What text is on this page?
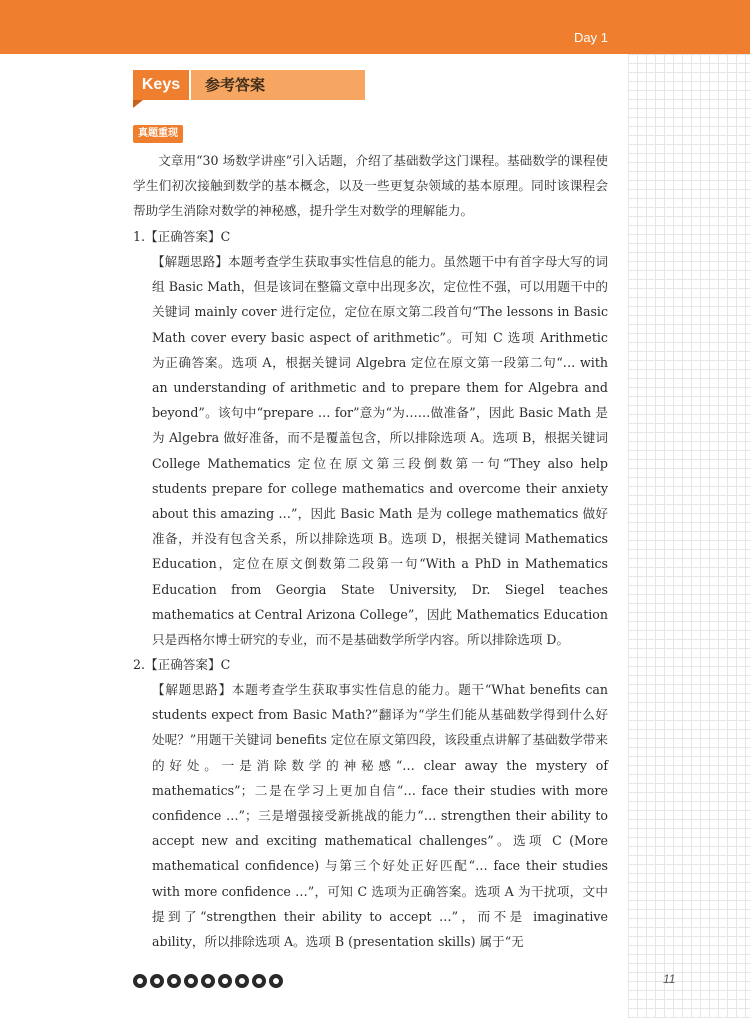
Day 1
Keys	参考答案
真题重现

文章用“30 场数学讲座”引入话题，介绍了基础数学这门课程。基础数学的课程使学生们初次接触到数学的基本概念，以及一些更复杂领域的基本原理。同时该课程会帮助学生消除对数学的神秘感，提升学生对数学的理解能力。

1.【正确答案】C

【解题思路】本题考查学生获取事实性信息的能力。虽然题干中有首字母大写的词组 Basic Math，但是该词在整篇文章中出现多次，定位性不强，可以用题干中的关键词 mainly cover 进行定位，定位在原文第二段首句“The lessons in Basic Math cover every basic aspect of arithmetic”。可知 C 选项 Arithmetic 为正确答案。选项 A，根据关键词 Algebra 定位在原文第一段第二句“… with an understanding of arithmetic and to prepare them for Algebra and beyond”。该句中“prepare … for”意为“为……做准备”，因此 Basic Math 是为 Algebra 做好准备，而不是覆盖包含，所以排除选项 A。选项 B，根据关键词 College Mathematics 定位在原文第三段倒数第一句“They also help students prepare for college mathematics and overcome their anxiety about this amazing …”，因此 Basic Math 是为 college mathematics 做好准备，并没有包含关系，所以排除选项 B。选项 D，根据关键词 Mathematics Education，定位在原文倒数第二段第一句“With a PhD in Mathematics Education from Georgia State University, Dr. Siegel teaches mathematics at Central Arizona College”，因此 Mathematics Education 只是西格尔博士研究的专业，而不是基础数学所学内容。所以排除选项 D。

2.【正确答案】C

【解题思路】本题考查学生获取事实性信息的能力。题干“What benefits can students expect from Basic Math?”翻译为“学生们能从基础数学得到什么好处呢？”用题干关键词 benefits 定位在原文第四段，该段重点讲解了基础数学带来的好处。一是消除数学的神秘感“… clear away the mystery of mathematics”；二是在学习上更加自信“… face their studies with more confidence …”；三是增强接受新挑战的能力“… strengthen their ability to accept new and exciting mathematical challenges”。选项 C (More mathematical confidence) 与第三个好处正好匹配“… face their studies with more confidence …”，可知 C 选项为正确答案。选项 A 为干扰项，文中提到了“strengthen their ability to accept …”，而不是 imaginative ability，所以排除选项 A。选项 B (presentation skills) 属于“无

11
